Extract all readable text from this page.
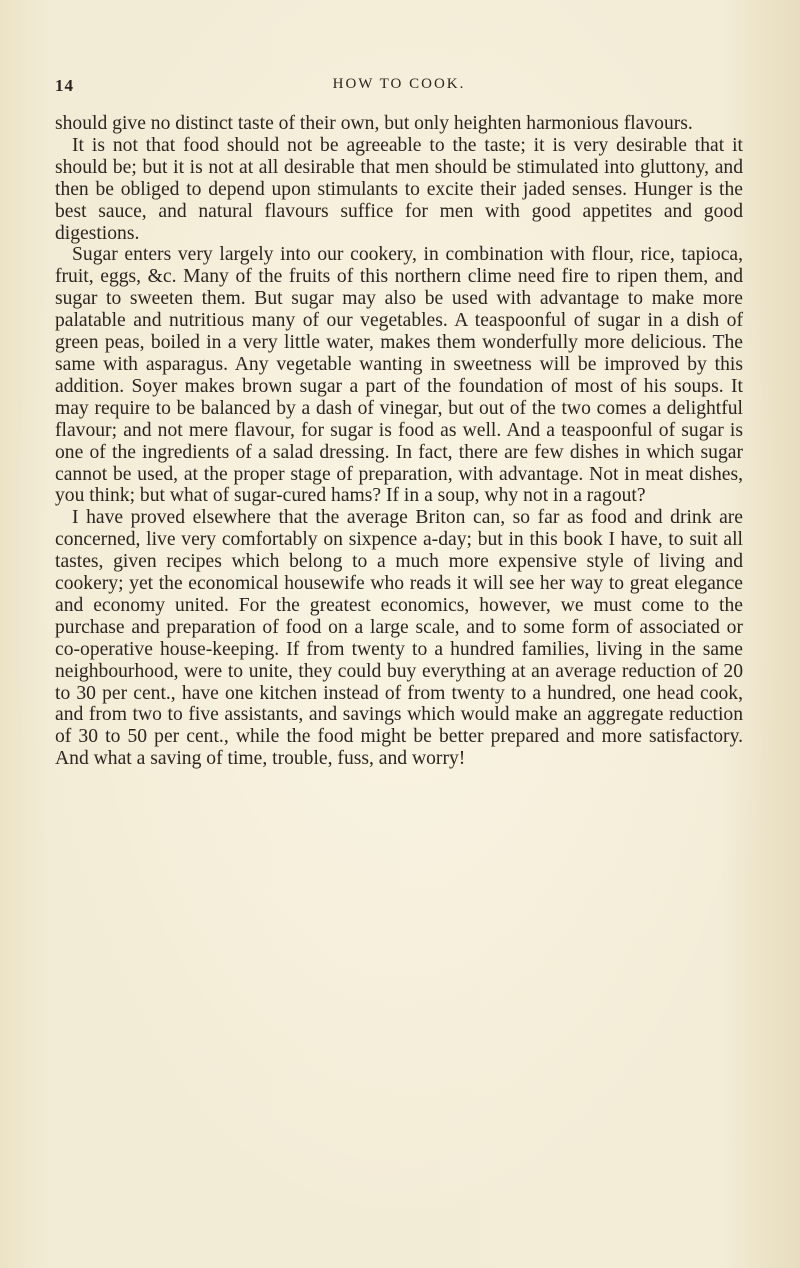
14	HOW TO COOK.

should give no distinct taste of their own, but only heighten harmonious flavours.

It is not that food should not be agreeable to the taste; it is very desirable that it should be; but it is not at all desirable that men should be stimulated into gluttony, and then be obliged to depend upon stimulants to excite their jaded senses. Hunger is the best sauce, and natural flavours suffice for men with good appetites and good digestions.

Sugar enters very largely into our cookery, in combination with flour, rice, tapioca, fruit, eggs, &c. Many of the fruits of this northern clime need fire to ripen them, and sugar to sweeten them. But sugar may also be used with advantage to make more palatable and nutritious many of our vegetables. A teaspoonful of sugar in a dish of green peas, boiled in a very little water, makes them wonderfully more delicious. The same with asparagus. Any vegetable wanting in sweetness will be improved by this addition. Soyer makes brown sugar a part of the foundation of most of his soups. It may require to be balanced by a dash of vinegar, but out of the two comes a delightful flavour; and not mere flavour, for sugar is food as well. And a teaspoonful of sugar is one of the ingredients of a salad dressing. In fact, there are few dishes in which sugar cannot be used, at the proper stage of preparation, with advantage. Not in meat dishes, you think; but what of sugar-cured hams? If in a soup, why not in a ragout?

I have proved elsewhere that the average Briton can, so far as food and drink are concerned, live very comfortably on sixpence a-day; but in this book I have, to suit all tastes, given recipes which belong to a much more expensive style of living and cookery; yet the economical housewife who reads it will see her way to great elegance and economy united. For the greatest economics, however, we must come to the purchase and preparation of food on a large scale, and to some form of associated or co-operative house-keeping. If from twenty to a hundred families, living in the same neighbourhood, were to unite, they could buy everything at an average reduction of 20 to 30 per cent., have one kitchen instead of from twenty to a hundred, one head cook, and from two to five assistants, and savings which would make an aggregate reduction of 30 to 50 per cent., while the food might be better prepared and more satisfactory. And what a saving of time, trouble, fuss, and worry!
